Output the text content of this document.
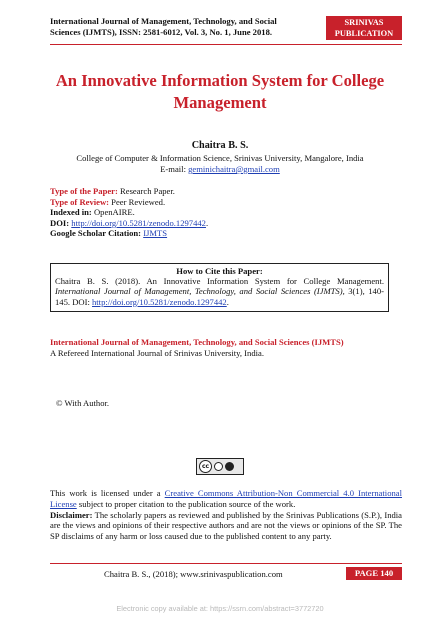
International Journal of Management, Technology, and Social
Sciences (IJMTS), ISSN: 2581-6012, Vol. 3, No. 1, June 2018.
SRINIVAS
PUBLICATION
An Innovative Information System for College
Management
Chaitra B. S.
College of Computer & Information Science, Srinivas University, Mangalore, India
E-mail: geminichaitra@gmail.com
Type of the Paper: Research Paper.
Type of Review: Peer Reviewed.
Indexed in: OpenAIRE.
DOI: http://doi.org/10.5281/zenodo.1297442.
Google Scholar Citation: IJMTS
How to Cite this Paper:
Chaitra B. S. (2018). An Innovative Information System for College Management. International Journal of Management, Technology, and Social Sciences (IJMTS), 3(1), 140-145. DOI: http://doi.org/10.5281/zenodo.1297442.
International Journal of Management, Technology, and Social Sciences (IJMTS)
A Refereed International Journal of Srinivas University, India.
© With Author.
cc
This work is licensed under a Creative Commons Attribution-Non Commercial 4.0 International License subject to proper citation to the publication source of the work.
Disclaimer: The scholarly papers as reviewed and published by the Srinivas Publications (S.P.), India are the views and opinions of their respective authors and are not the views or opinions of the SP. The SP disclaims of any harm or loss caused due to the published content to any party.
Chaitra B. S., (2018); www.srinivaspublication.com	PAGE 140
Electronic copy available at: https://ssrn.com/abstract=3772720
